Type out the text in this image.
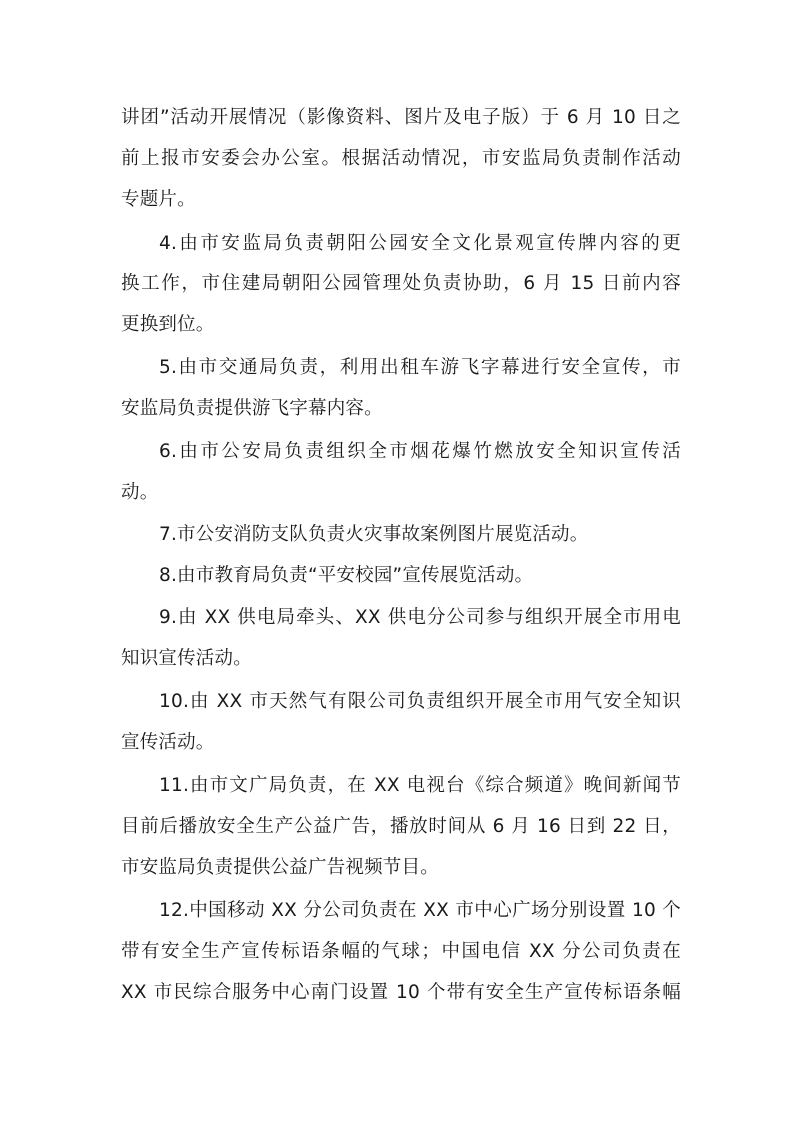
讲团”活动开展情况（影像资料、图片及电子版）于 6 月 10 日之
前上报市安委会办公室。根据活动情况，市安监局负责制作活动
专题片。
4.由市安监局负责朝阳公园安全文化景观宣传牌内容的更
换工作，市住建局朝阳公园管理处负责协助，6 月 15 日前内容
更换到位。
5.由市交通局负责，利用出租车游飞字幕进行安全宣传，市
安监局负责提供游飞字幕内容。
6.由市公安局负责组织全市烟花爆竹燃放安全知识宣传活
动。
7.市公安消防支队负责火灾事故案例图片展览活动。
8.由市教育局负责“平安校园”宣传展览活动。
9.由 XX 供电局牵头、XX 供电分公司参与组织开展全市用电
知识宣传活动。
10.由 XX 市天然气有限公司负责组织开展全市用气安全知识
宣传活动。
11.由市文广局负责，在 XX 电视台《综合频道》晚间新闻节
目前后播放安全生产公益广告，播放时间从 6 月 16 日到 22 日，
市安监局负责提供公益广告视频节目。
12.中国移动 XX 分公司负责在 XX 市中心广场分别设置 10 个
带有安全生产宣传标语条幅的气球；中国电信 XX 分公司负责在
XX 市民综合服务中心南门设置 10 个带有安全生产宣传标语条幅
